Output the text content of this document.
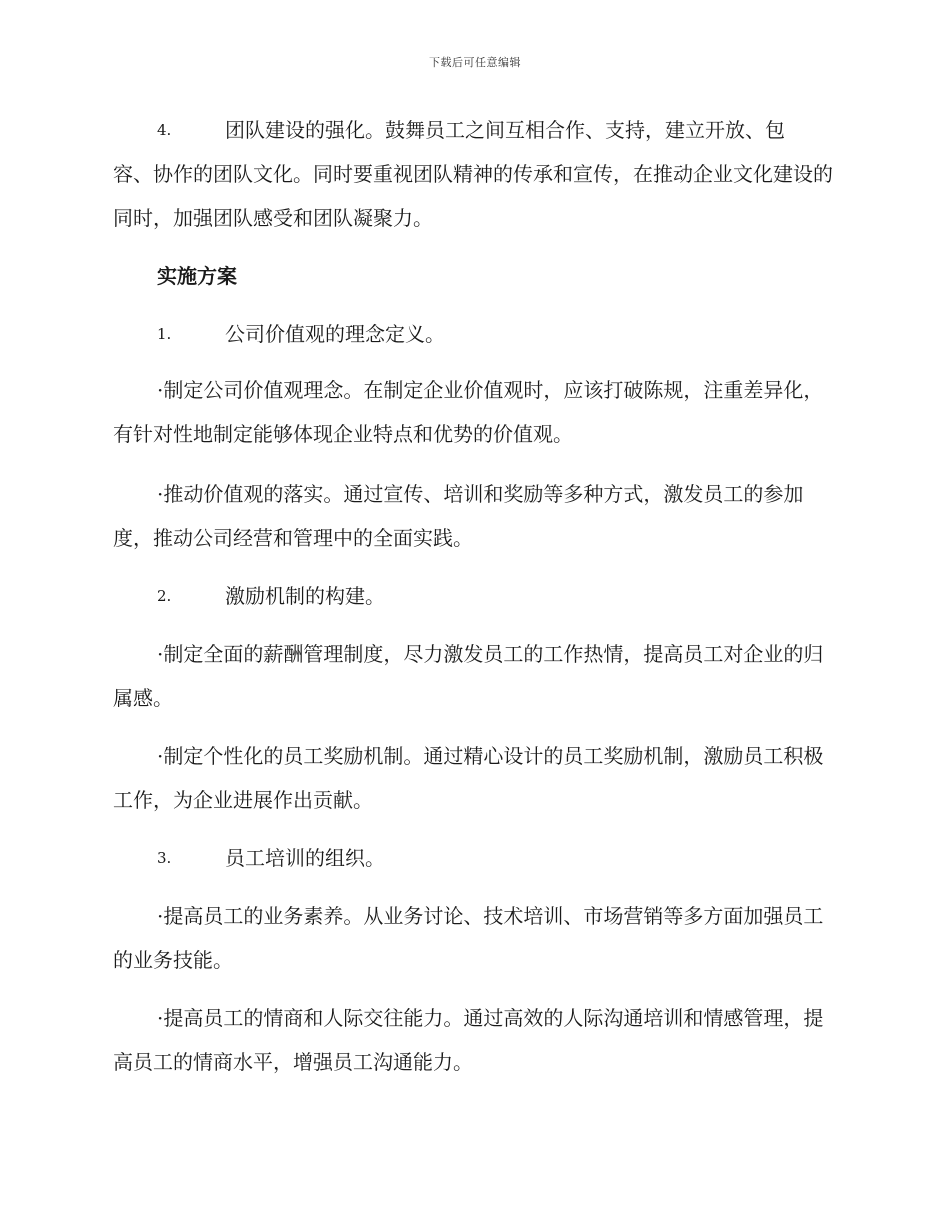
下载后可任意编辑
4.	团队建设的强化。鼓舞员工之间互相合作、支持，建立开放、包
容、协作的团队文化。同时要重视团队精神的传承和宣传，在推动企业文化建设的同时，加强团队感受和团队凝聚力。
实施方案
1.	公司价值观的理念定义。

·制定公司价值观理念。在制定企业价值观时，应该打破陈规，注重差异化，有针对性地制定能够体现企业特点和优势的价值观。

·推动价值观的落实。通过宣传、培训和奖励等多种方式，激发员工的参加度，推动公司经营和管理中的全面实践。

2.	激励机制的构建。

·制定全面的薪酬管理制度，尽力激发员工的工作热情，提高员工对企业的归属感。

·制定个性化的员工奖励机制。通过精心设计的员工奖励机制，激励员工积极工作，为企业进展作出贡献。

3.	员工培训的组织。

·提高员工的业务素养。从业务讨论、技术培训、市场营销等多方面加强员工的业务技能。

·提高员工的情商和人际交往能力。通过高效的人际沟通培训和情感管理，提高员工的情商水平，增强员工沟通能力。
